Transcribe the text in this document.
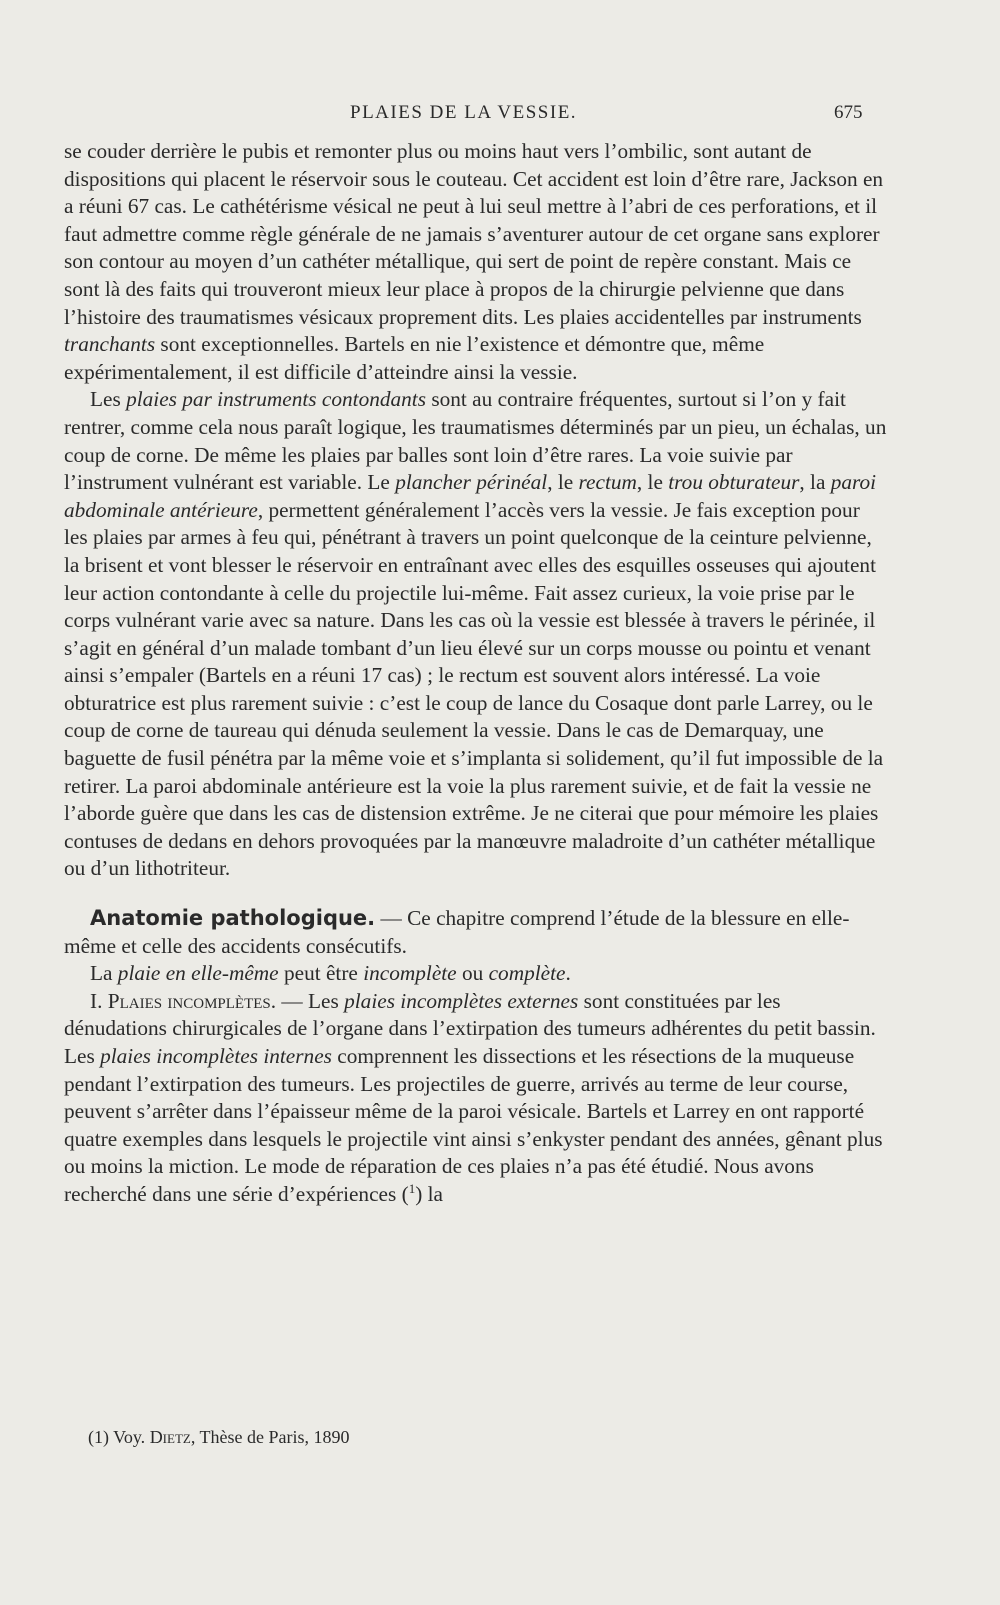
PLAIES DE LA VESSIE.	675

se couder derrière le pubis et remonter plus ou moins haut vers l’ombilic, sont autant de dispositions qui placent le réservoir sous le couteau. Cet accident est loin d’être rare, Jackson en a réuni 67 cas. Le cathétérisme vésical ne peut à lui seul mettre à l’abri de ces perforations, et il faut admettre comme règle générale de ne jamais s’aventurer autour de cet organe sans explorer son contour au moyen d’un cathéter métallique, qui sert de point de repère constant. Mais ce sont là des faits qui trouveront mieux leur place à propos de la chirurgie pelvienne que dans l’histoire des traumatismes vésicaux proprement dits. Les plaies accidentelles par instruments tranchants sont exceptionnelles. Bartels en nie l’existence et démontre que, même expérimentalement, il est difficile d’atteindre ainsi la vessie.

Les plaies par instruments contondants sont au contraire fréquentes, surtout si l’on y fait rentrer, comme cela nous paraît logique, les traumatismes déterminés par un pieu, un échalas, un coup de corne. De même les plaies par balles sont loin d’être rares. La voie suivie par l’instrument vulnérant est variable. Le plancher périnéal, le rectum, le trou obturateur, la paroi abdominale antérieure, permettent généralement l’accès vers la vessie. Je fais exception pour les plaies par armes à feu qui, pénétrant à travers un point quelconque de la ceinture pelvienne, la brisent et vont blesser le réservoir en entraînant avec elles des esquilles osseuses qui ajoutent leur action contondante à celle du projectile lui-même. Fait assez curieux, la voie prise par le corps vulnérant varie avec sa nature. Dans les cas où la vessie est blessée à travers le périnée, il s’agit en général d’un malade tombant d’un lieu élevé sur un corps mousse ou pointu et venant ainsi s’empaler (Bartels en a réuni 17 cas) ; le rectum est souvent alors intéressé. La voie obturatrice est plus rarement suivie : c’est le coup de lance du Cosaque dont parle Larrey, ou le coup de corne de taureau qui dénuda seulement la vessie. Dans le cas de Demarquay, une baguette de fusil pénétra par la même voie et s’implanta si solidement, qu’il fut impossible de la retirer. La paroi abdominale antérieure est la voie la plus rarement suivie, et de fait la vessie ne l’aborde guère que dans les cas de distension extrême. Je ne citerai que pour mémoire les plaies contuses de dedans en dehors provoquées par la manœuvre maladroite d’un cathéter métallique ou d’un lithotriteur.

Anatomie pathologique. — Ce chapitre comprend l’étude de la blessure en elle-même et celle des accidents consécutifs.

La plaie en elle-même peut être incomplète ou complète.

I. Plaies incomplètes. — Les plaies incomplètes externes sont constituées par les dénudations chirurgicales de l’organe dans l’extirpation des tumeurs adhérentes du petit bassin. Les plaies incomplètes internes comprennent les dissections et les résections de la muqueuse pendant l’extirpation des tumeurs. Les projectiles de guerre, arrivés au terme de leur course, peuvent s’arrêter dans l’épaisseur même de la paroi vésicale. Bartels et Larrey en ont rapporté quatre exemples dans lesquels le projectile vint ainsi s’enkyster pendant des années, gênant plus ou moins la miction. Le mode de réparation de ces plaies n’a pas été étudié. Nous avons recherché dans une série d’expériences ($^1$) la

(1) Voy. Dietz, Thèse de Paris, 1890
